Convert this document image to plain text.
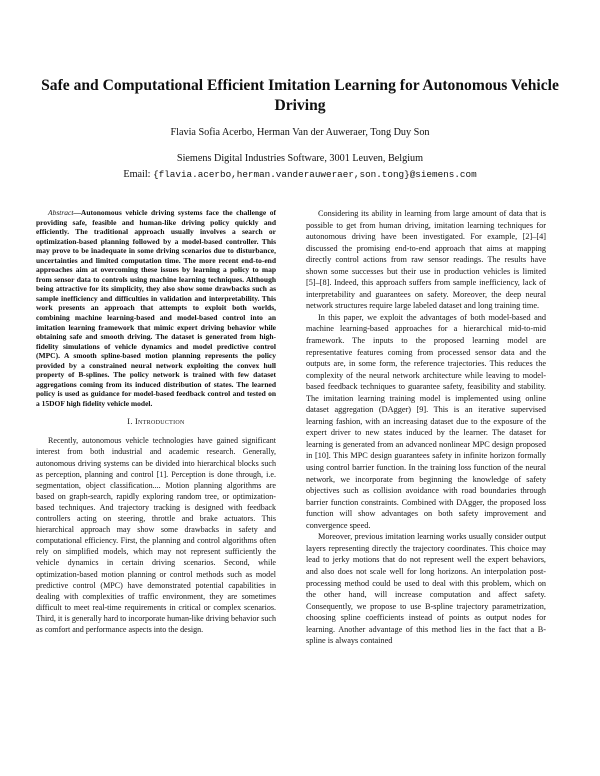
Safe and Computational Efficient Imitation Learning for Autonomous Vehicle Driving
Flavia Sofia Acerbo, Herman Van der Auweraer, Tong Duy Son
Siemens Digital Industries Software, 3001 Leuven, Belgium
Email: {flavia.acerbo,herman.vanderauweraer,son.tong}@siemens.com

Abstract—Autonomous vehicle driving systems face the challenge of providing safe, feasible and human-like driving policy quickly and efficiently. The traditional approach usually involves a search or optimization-based planning followed by a model-based controller. This may prove to be inadequate in some driving scenarios due to disturbance, uncertainties and limited computation time. The more recent end-to-end approaches aim at overcoming these issues by learning a policy to map from sensor data to controls using machine learning techniques. Although being attractive for its simplicity, they also show some drawbacks such as sample inefficiency and difficulties in validation and interpretability. This work presents an approach that attempts to exploit both worlds, combining machine learning-based and model-based control into an imitation learning framework that mimic expert driving behavior while obtaining safe and smooth driving. The dataset is generated from high-fidelity simulations of vehicle dynamics and model predictive control (MPC). A smooth spline-based motion planning represents the policy provided by a constrained neural network exploiting the convex hull property of B-splines. The policy network is trained with few dataset aggregations coming from its induced distribution of states. The learned policy is used as guidance for model-based feedback control and tested on a 15DOF high fidelity vehicle model.

I. Introduction

Recently, autonomous vehicle technologies have gained significant interest from both industrial and academic research. Generally, autonomous driving systems can be divided into hierarchical blocks such as perception, planning and control [1]. Perception is done through, i.e. segmentation, object classification.... Motion planning algorithms are based on graph-search, rapidly exploring random tree, or optimization-based techniques. And trajectory tracking is designed with feedback controllers acting on steering, throttle and brake actuators. This hierarchical approach may show some drawbacks in safety and computational efficiency. First, the planning and control algorithms often rely on simplified models, which may not represent sufficiently the vehicle dynamics in certain driving scenarios. Second, while optimization-based motion planning or control methods such as model predictive control (MPC) have demonstrated potential capabilities in dealing with complexities of traffic environment, they are sometimes difficult to meet real-time requirements in critical or complex scenarios. Third, it is generally hard to incorporate human-like driving behavior such as comfort and performance aspects into the design.

Considering its ability in learning from large amount of data that is possible to get from human driving, imitation learning techniques for autonomous driving have been investigated. For example, [2]–[4] discussed the promising end-to-end approach that aims at mapping directly control actions from raw sensor readings. The results have shown some successes but their use in production vehicles is limited [5]–[8]. Indeed, this approach suffers from sample inefficiency, lack of interpretability and guarantees on safety. Moreover, the deep neural network structures require large labeled dataset and long training time.

In this paper, we exploit the advantages of both model-based and machine learning-based approaches for a hierarchical mid-to-mid framework. The inputs to the proposed learning model are representative features coming from processed sensor data and the outputs are, in some form, the reference trajectories. This reduces the complexity of the neural network architecture while leaving to model-based feedback techniques to guarantee safety, feasibility and stability. The imitation learning training model is implemented using online dataset aggregation (DAgger) [9]. This is an iterative supervised learning fashion, with an increasing dataset due to the exposure of the expert driver to new states induced by the learner. The dataset for learning is generated from an advanced nonlinear MPC design proposed in [10]. This MPC design guarantees safety in infinite horizon formally using control barrier function. In the training loss function of the neural network, we incorporate from beginning the knowledge of safety objectives such as collision avoidance with road boundaries through barrier function constraints. Combined with DAgger, the proposed loss function will show advantages on both safety improvement and convergence speed.

Moreover, previous imitation learning works usually consider output layers representing directly the trajectory coordinates. This choice may lead to jerky motions that do not represent well the expert behaviors, and also does not scale well for long horizons. An interpolation post-processing method could be used to deal with this problem, which on the other hand, will increase computation and affect safety. Consequently, we propose to use B-spline trajectory parametrization, choosing spline coefficients instead of points as output nodes for learning. Another advantage of this method lies in the fact that a B-spline is always contained
